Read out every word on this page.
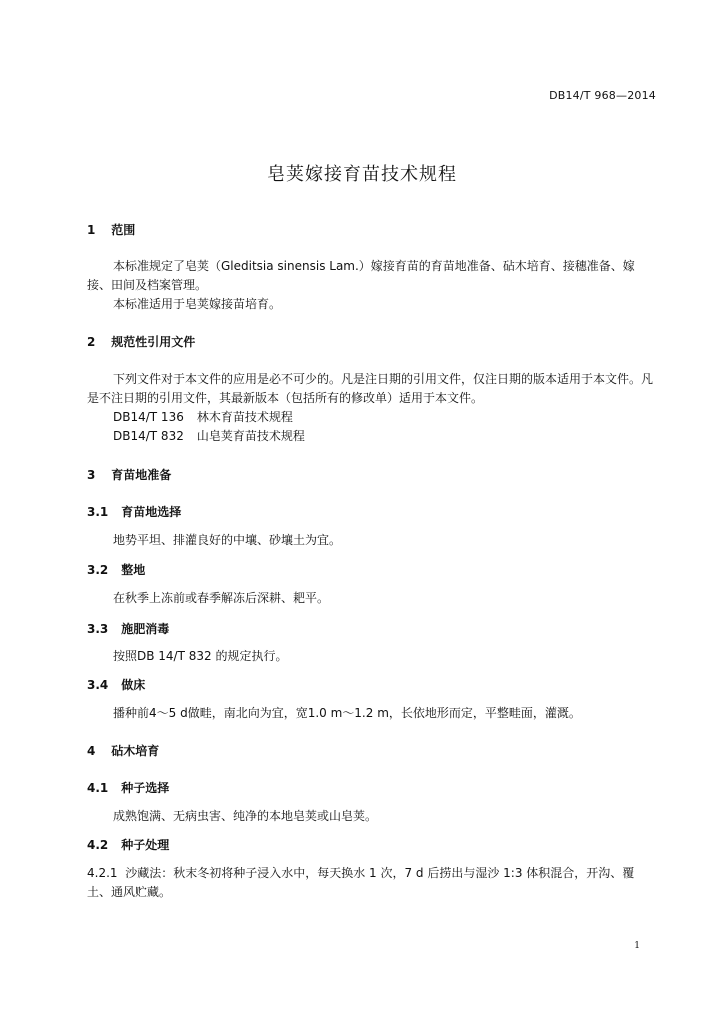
DB14/T 968—2014
皂荚嫁接育苗技术规程
1 范围
本标准规定了皂荚（Gleditsia sinensis Lam.）嫁接育苗的育苗地准备、砧木培育、接穗准备、嫁接、田间及档案管理。
本标准适用于皂荚嫁接苗培育。
2 规范性引用文件
下列文件对于本文件的应用是必不可少的。凡是注日期的引用文件，仅注日期的版本适用于本文件。凡是不注日期的引用文件，其最新版本（包括所有的修改单）适用于本文件。
DB14/T 136 林木育苗技术规程
DB14/T 832 山皂荚育苗技术规程
3 育苗地准备
3.1 育苗地选择
地势平坦、排灌良好的中壤、砂壤土为宜。
3.2 整地
在秋季上冻前或春季解冻后深耕、耙平。
3.3 施肥消毒
按照DB 14/T 832 的规定执行。
3.4 做床
播种前4～5 d做畦，南北向为宜，宽1.0 m～1.2 m，长依地形而定，平整畦面，灌溉。
4 砧木培育
4.1 种子选择
成熟饱满、无病虫害、纯净的本地皂荚或山皂荚。
4.2 种子处理
4.2.1 沙藏法：秋末冬初将种子浸入水中，每天换水 1 次，7 d 后捞出与湿沙 1:3 体积混合，开沟、覆土、通风贮藏。
1
